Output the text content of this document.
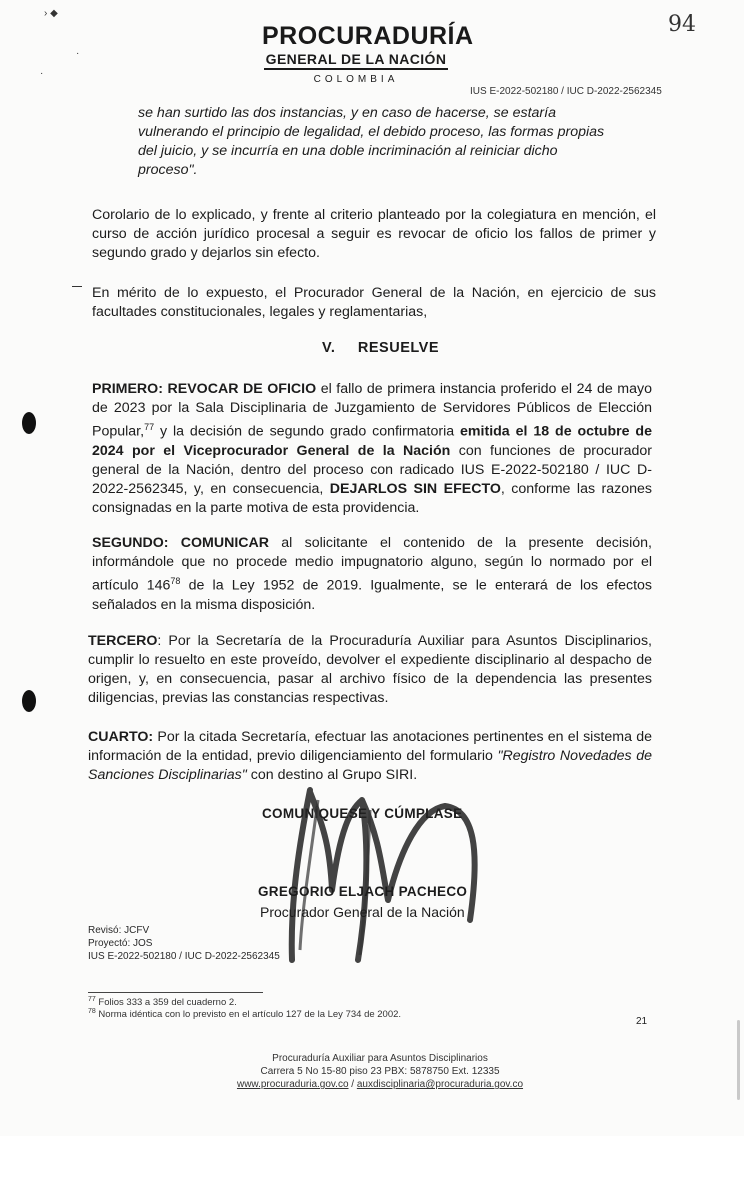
› ◆
·
·
PROCURADURÍA
GENERAL DE LA NACIÓN
COLOMBIA
94
IUS E-2022-502180 / IUC D-2022-2562345
se han surtido las dos instancias, y en caso de hacerse, se estaría
vulnerando el principio de legalidad, el debido proceso, las formas propias
del juicio, y se incurría en una doble incriminación al reiniciar dicho
proceso".
Corolario de lo explicado, y frente al criterio planteado por la colegiatura en mención, el curso de acción jurídico procesal a seguir es revocar de oficio los fallos de primer y segundo grado y dejarlos sin efecto.
En mérito de lo expuesto, el Procurador General de la Nación, en ejercicio de sus facultades constitucionales, legales y reglamentarias,
V. RESUELVE
PRIMERO: REVOCAR DE OFICIO el fallo de primera instancia proferido el 24 de mayo de 2023 por la Sala Disciplinaria de Juzgamiento de Servidores Públicos de Elección Popular,$^{77}$ y la decisión de segundo grado confirmatoria emitida el 18 de octubre de 2024 por el Viceprocurador General de la Nación con funciones de procurador general de la Nación, dentro del proceso con radicado IUS E-2022-502180 / IUC D-2022-2562345, y, en consecuencia, DEJARLOS SIN EFECTO, conforme las razones consignadas en la parte motiva de esta providencia.
SEGUNDO: COMUNICAR al solicitante el contenido de la presente decisión, informándole que no procede medio impugnatorio alguno, según lo normado por el artículo $146^{78}$ de la Ley 1952 de 2019. Igualmente, se le enterará de los efectos señalados en la misma disposición.
TERCERO: Por la Secretaría de la Procuraduría Auxiliar para Asuntos Disciplinarios, cumplir lo resuelto en este proveído, devolver el expediente disciplinario al despacho de origen, y, en consecuencia, pasar al archivo físico de la dependencia las presentes diligencias, previas las constancias respectivas.
CUARTO: Por la citada Secretaría, efectuar las anotaciones pertinentes en el sistema de información de la entidad, previo diligenciamiento del formulario "Registro Novedades de Sanciones Disciplinarias" con destino al Grupo SIRI.
COMUNÍQUESE Y CÚMPLASE
GREGORIO ELJACH PACHECO
Procurador General de la Nación
Revisó: JCFV
Proyectó: JOS
IUS E-2022-502180 / IUC D-2022-2562345
$^{77}$ Folios 333 a 359 del cuaderno 2.
$^{78}$ Norma idéntica con lo previsto en el artículo 127 de la Ley 734 de 2002.
21
Procuraduría Auxiliar para Asuntos Disciplinarios
Carrera 5 No 15-80 piso 23 PBX: 5878750 Ext. 12335
www.procuraduria.gov.co / auxdisciplinaria@procuraduria.gov.co
